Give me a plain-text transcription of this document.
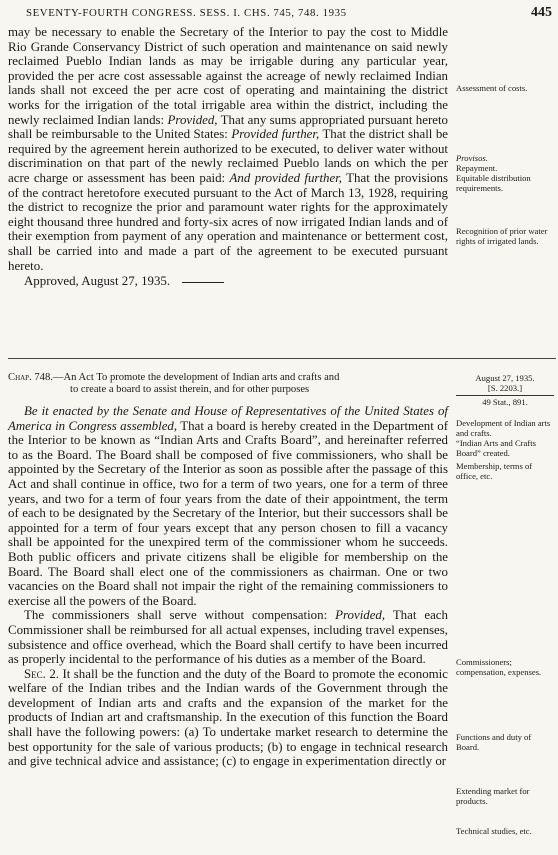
SEVENTY-FOURTH CONGRESS. SESS. I. CHS. 745, 748. 1935	445

may be necessary to enable the Secretary of the Interior to pay the cost to Middle Rio Grande Conservancy District of such operation and maintenance on said newly reclaimed Pueblo Indian lands as may be irrigable during any particular year, provided the per acre cost assessable against the acreage of newly reclaimed Indian lands shall not exceed the per acre cost of operating and maintaining the district works for the irrigation of the total irrigable area within the district, including the newly reclaimed Indian lands: Provided, That any sums appropriated pursuant hereto shall be reimbursable to the United States: Provided further, That the district shall be required by the agreement herein authorized to be executed, to deliver water without discrimination on that part of the newly reclaimed Pueblo lands on which the per acre charge or assessment has been paid: And provided further, That the provisions of the contract heretofore executed pursuant to the Act of March 13, 1928, requiring the district to recognize the prior and paramount water rights for the approximately eight thousand three hundred and forty-six acres of now irrigated Indian lands and of their exemption from payment of any operation and maintenance or betterment cost, shall be carried into and made a part of the agreement to be executed pursuant hereto.

Approved, August 27, 1935.

Chap. 748.—An Act To promote the development of Indian arts and crafts and
to create a board to assist therein, and for other purposes

Be it enacted by the Senate and House of Representatives of the United States of America in Congress assembled, That a board is hereby created in the Department of the Interior to be known as “Indian Arts and Crafts Board”, and hereinafter referred to as the Board. The Board shall be composed of five commissioners, who shall be appointed by the Secretary of the Interior as soon as possible after the passage of this Act and shall continue in office, two for a term of two years, one for a term of three years, and two for a term of four years from the date of their appointment, the term of each to be designated by the Secretary of the Interior, but their successors shall be appointed for a term of four years except that any person chosen to fill a vacancy shall be appointed for the unexpired term of the commissioner whom he succeeds. Both public officers and private citizens shall be eligible for membership on the Board. The Board shall elect one of the commissioners as chairman. One or two vacancies on the Board shall not impair the right of the remaining commissioners to exercise all the powers of the Board.

The commissioners shall serve without compensation: Provided, That each Commissioner shall be reimbursed for all actual expenses, including travel expenses, subsistence and office overhead, which the Board shall certify to have been incurred as properly incidental to the performance of his duties as a member of the Board.

Sec. 2. It shall be the function and the duty of the Board to promote the economic welfare of the Indian tribes and the Indian wards of the Government through the development of Indian arts and crafts and the expansion of the market for the products of Indian art and craftsmanship. In the execution of this function the Board shall have the following powers: (a) To undertake market research to determine the best opportunity for the sale of various products; (b) to engage in technical research and give technical advice and assistance; (c) to engage in experimentation directly or

Assessment of costs.
Provisos.
Repayment.
Equitable distribution requirements.
Recognition of prior water rights of irrigated lands.
August 27, 1935.
[S. 2203.]
49 Stat., 891.
Development of Indian arts and crafts.
“Indian Arts and Crafts Board” created.
Membership, terms of office, etc.
Commissioners; compensation, expenses.
Functions and duty of Board.
Extending market for products.
Technical studies, etc.
